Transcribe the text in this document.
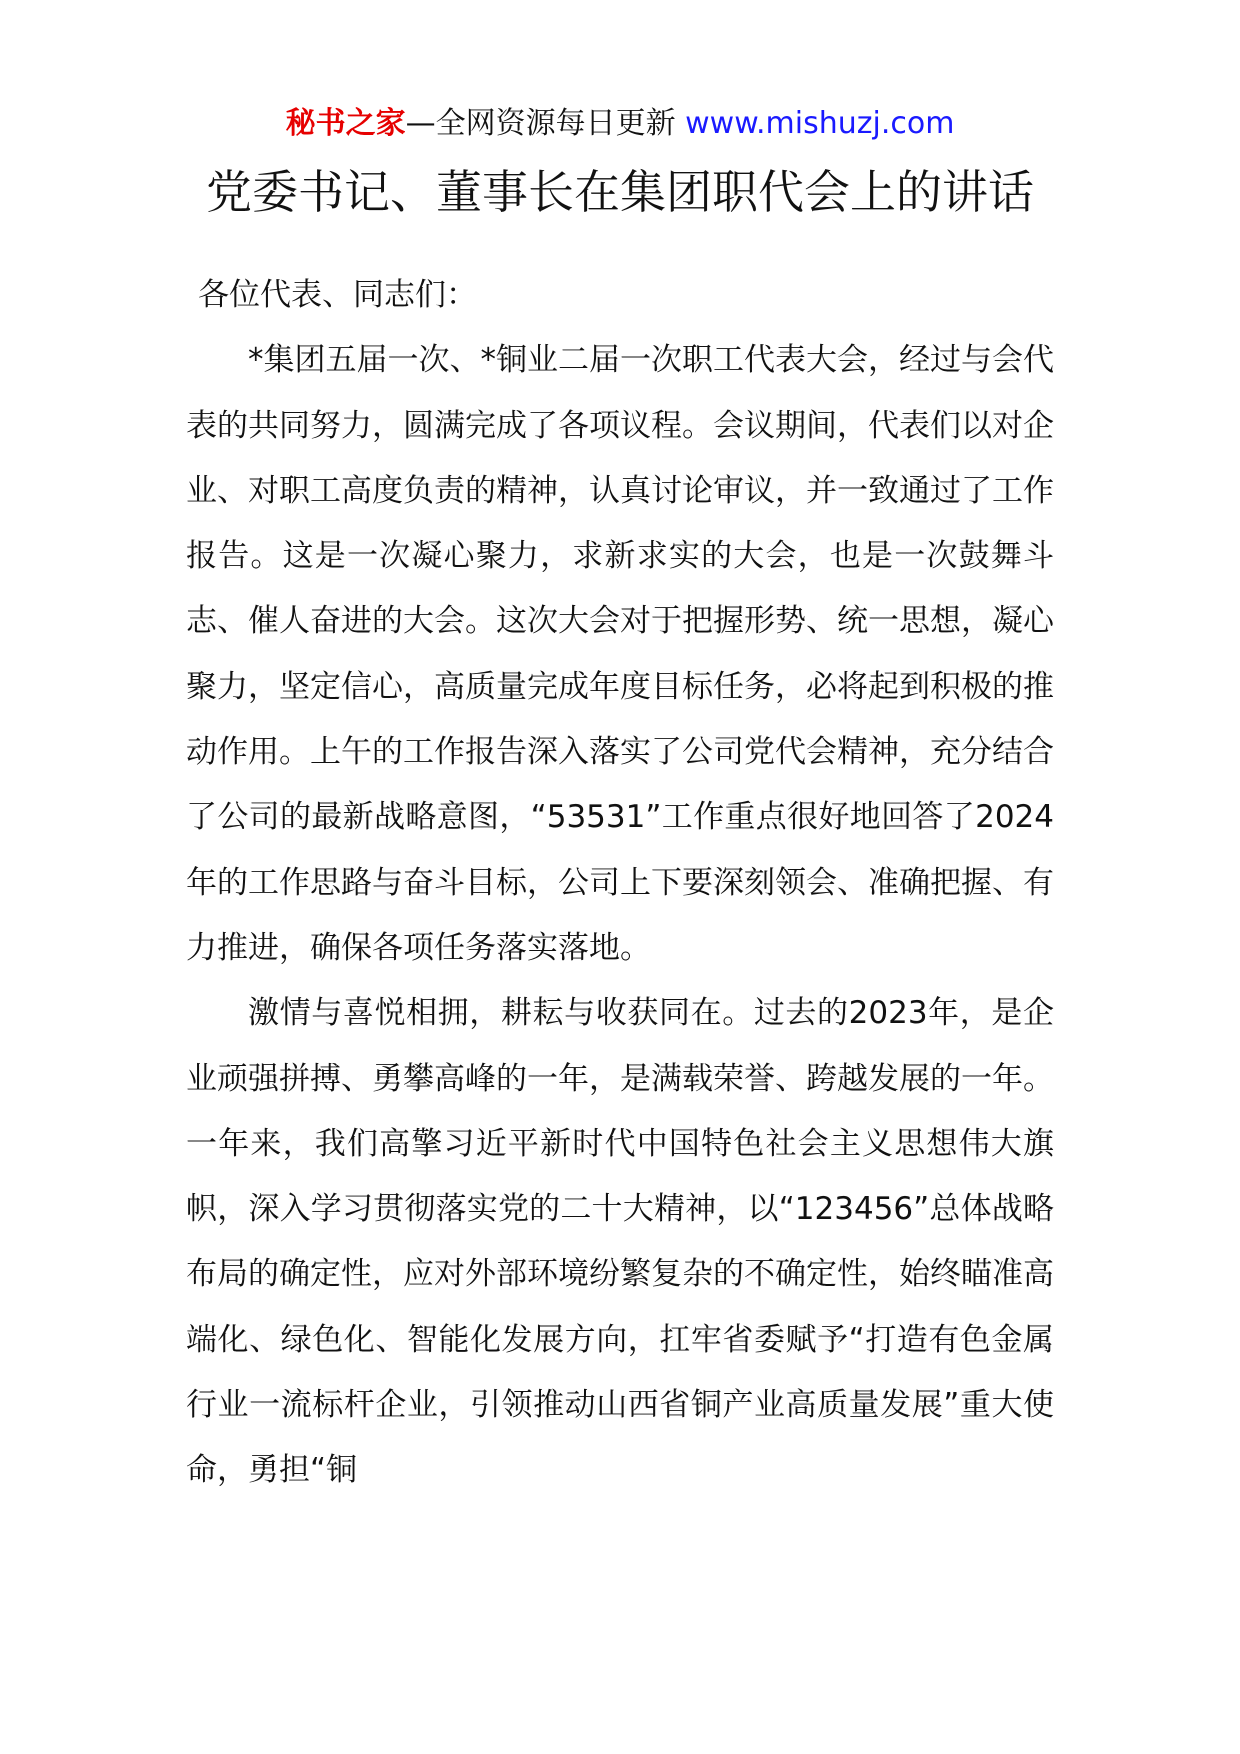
秘书之家—全网资源每日更新 www.mishuzj.com
党委书记、董事长在集团职代会上的讲话

各位代表、同志们：

*集团五届一次、*铜业二届一次职工代表大会，经过与会代表的共同努力，圆满完成了各项议程。会议期间，代表们以对企业、对职工高度负责的精神，认真讨论审议，并一致通过了工作报告。这是一次凝心聚力，求新求实的大会，也是一次鼓舞斗志、催人奋进的大会。这次大会对于把握形势、统一思想，凝心聚力，坚定信心，高质量完成年度目标任务，必将起到积极的推动作用。上午的工作报告深入落实了公司党代会精神，充分结合了公司的最新战略意图，“53531”工作重点很好地回答了2024年的工作思路与奋斗目标，公司上下要深刻领会、准确把握、有力推进，确保各项任务落实落地。

激情与喜悦相拥，耕耘与收获同在。过去的2023年，是企业顽强拼搏、勇攀高峰的一年，是满载荣誉、跨越发展的一年。一年来，我们高擎习近平新时代中国特色社会主义思想伟大旗帜，深入学习贯彻落实党的二十大精神，以“123456”总体战略布局的确定性，应对外部环境纷繁复杂的不确定性，始终瞄准高端化、绿色化、智能化发展方向，扛牢省委赋予“打造有色金属行业一流标杆企业，引领推动山西省铜产业高质量发展”重大使命，勇担“铜
